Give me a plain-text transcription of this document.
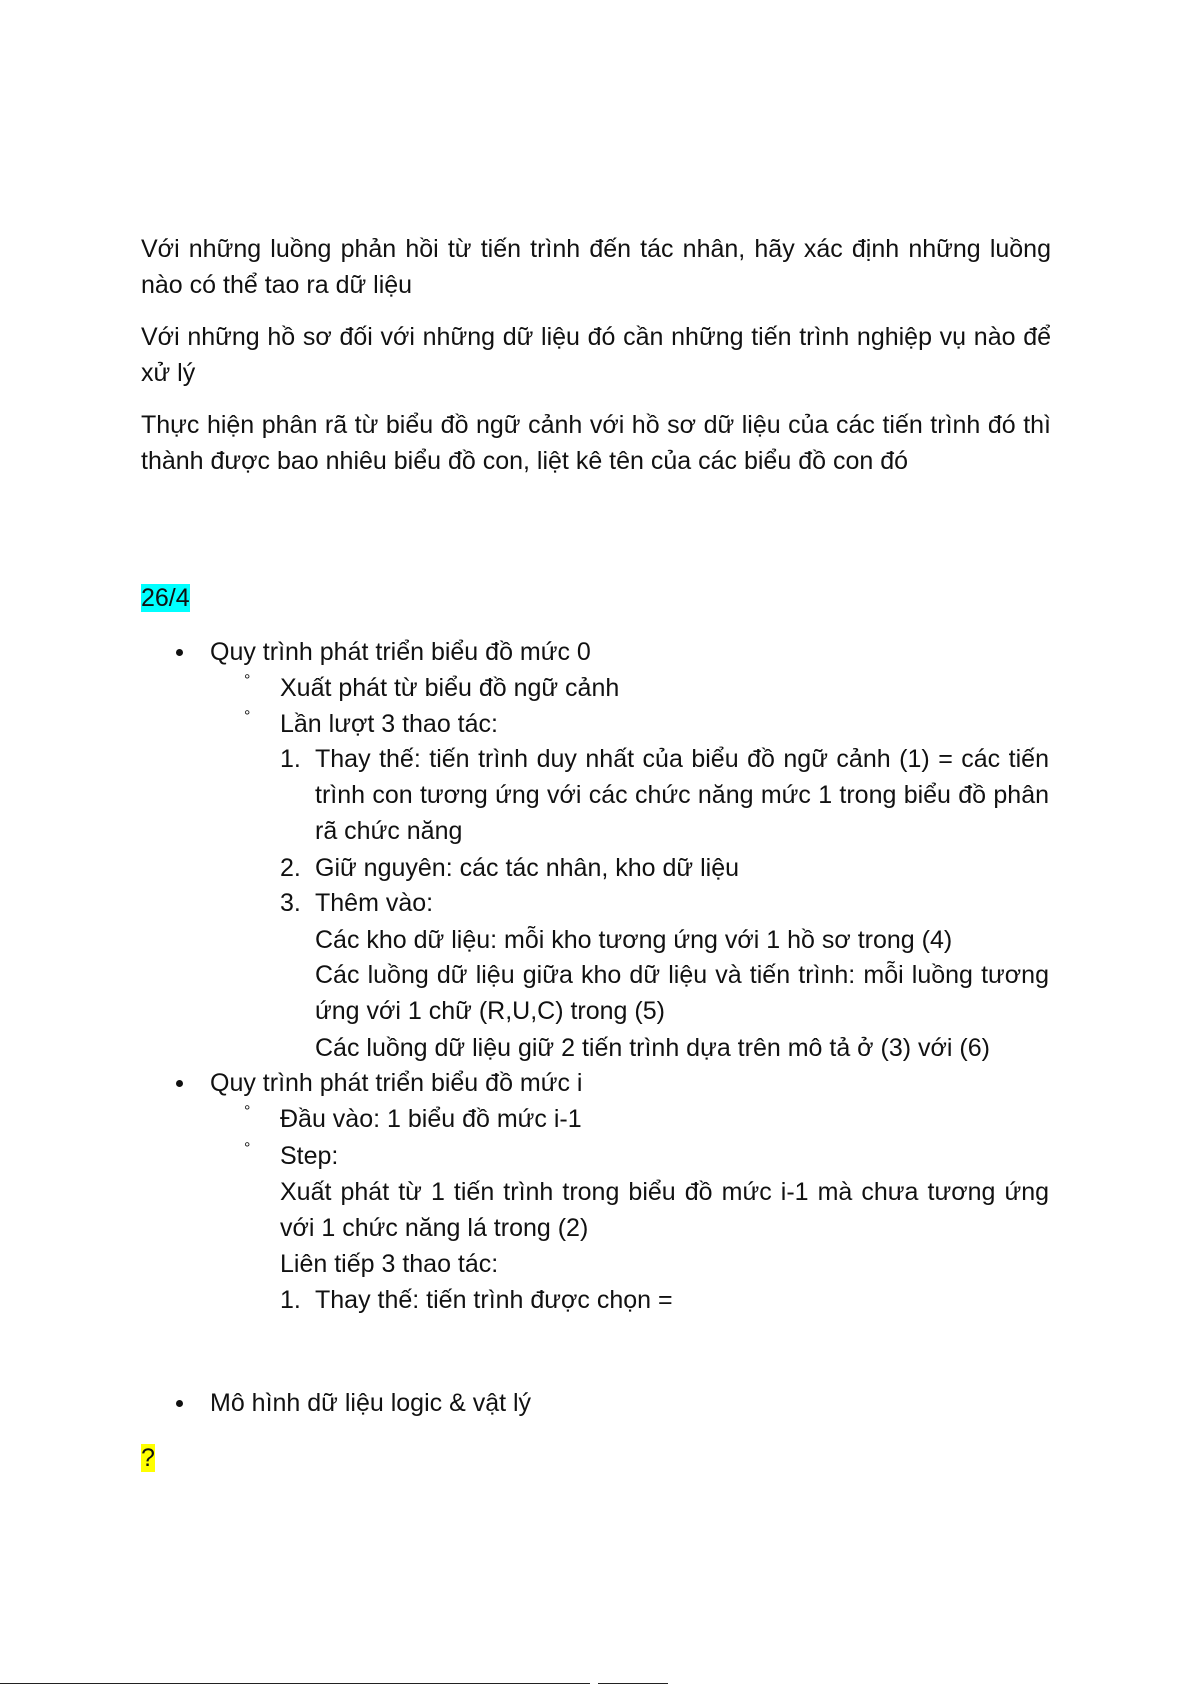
Với những luồng phản hồi từ tiến trình đến tác nhân, hãy xác định những luồng nào có thể tao ra dữ liệu

Với những hồ sơ đối với những dữ liệu đó cần những tiến trình nghiệp vụ nào để xử lý

Thực hiện phân rã từ biểu đồ ngữ cảnh với hồ sơ dữ liệu của các tiến trình đó thì thành được bao nhiêu biểu đồ con, liệt kê tên của các biểu đồ con đó

26/4

Quy trình phát triển biểu đồ mức 0

° Xuất phát từ biểu đồ ngữ cảnh

° Lần lượt 3 thao tác:

1. Thay thế: tiến trình duy nhất của biểu đồ ngữ cảnh (1) = các tiến trình con tương ứng với các chức năng mức 1 trong biểu đồ phân rã chức năng

2. Giữ nguyên: các tác nhân, kho dữ liệu

3. Thêm vào:

Các kho dữ liệu: mỗi kho tương ứng với 1 hồ sơ trong (4)

Các luồng dữ liệu giữa kho dữ liệu và tiến trình: mỗi luồng tương ứng với 1 chữ (R,U,C) trong (5)

Các luồng dữ liệu giữ 2 tiến trình dựa trên mô tả ở (3) với (6)

Quy trình phát triển biểu đồ mức i

° Đầu vào: 1 biểu đồ mức i-1

° Step:

Xuất phát từ 1 tiến trình trong biểu đồ mức i-1 mà chưa tương ứng với 1 chức năng lá trong (2)

Liên tiếp 3 thao tác:

1. Thay thế: tiến trình được chọn =

Mô hình dữ liệu logic & vật lý

?
